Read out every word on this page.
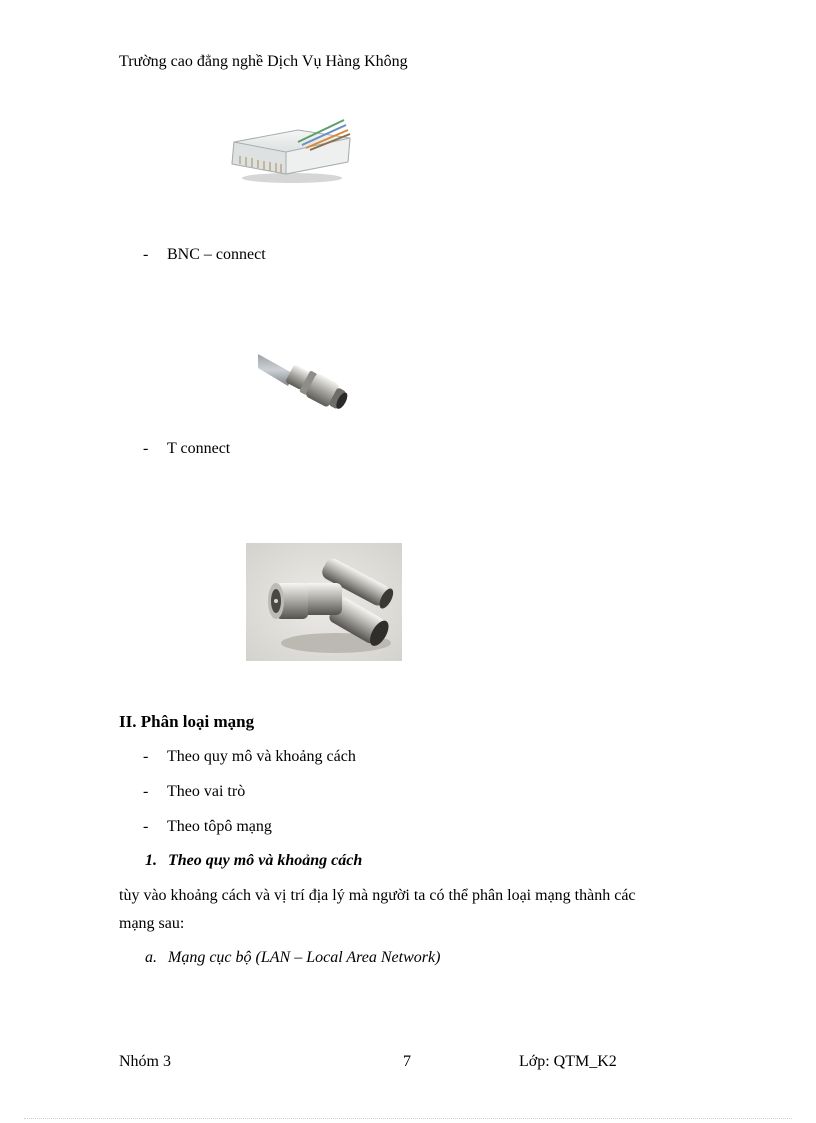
Trường cao đẳng nghề Dịch Vụ Hàng Không
- BNC – connect
- T connect
II. Phân loại mạng
- Theo quy mô và khoảng cách
- Theo vai trò
- Theo tôpô mạng
1. Theo quy mô và khoảng cách
tùy vào khoảng cách và vị trí địa lý mà người ta có thể phân loại mạng thành các
mạng sau:
a. Mạng cục bộ (LAN – Local Area Network)
Nhóm 3	7	Lớp: QTM_K2
